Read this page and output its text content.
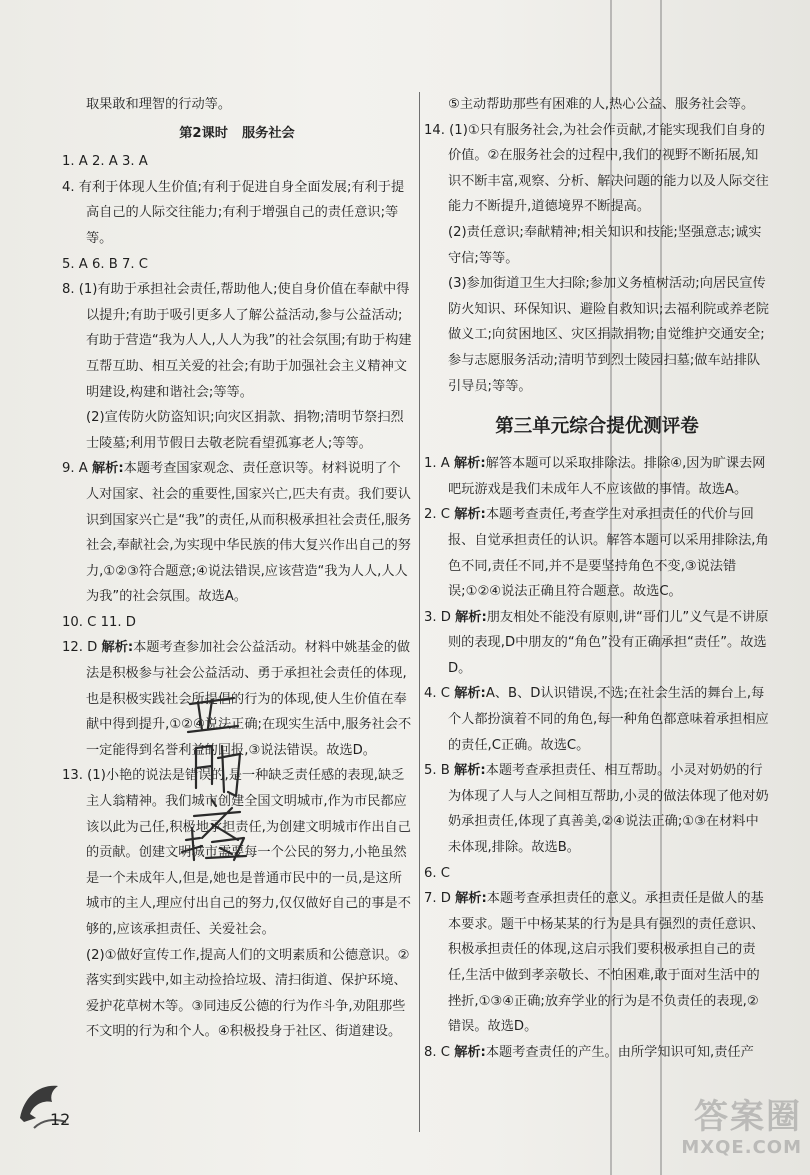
取果敢和理智的行动等。

第2课时 服务社会

1. A 2. A 3. A

4. 有利于体现人生价值;有利于促进自身全面发展;有利于提高自己的人际交往能力;有利于增强自己的责任意识;等等。

5. A 6. B 7. C

8. (1)有助于承担社会责任,帮助他人;使自身价值在奉献中得以提升;有助于吸引更多人了解公益活动,参与公益活动;有助于营造“我为人人,人人为我”的社会氛围;有助于构建互帮互助、相互关爱的社会;有助于加强社会主义精神文明建设,构建和谐社会;等等。

(2)宣传防火防盗知识;向灾区捐款、捐物;清明节祭扫烈士陵墓;利用节假日去敬老院看望孤寡老人;等等。

9. A 解析:本题考查国家观念、责任意识等。材料说明了个人对国家、社会的重要性,国家兴亡,匹夫有责。我们要认识到国家兴亡是“我”的责任,从而积极承担社会责任,服务社会,奉献社会,为实现中华民族的伟大复兴作出自己的努力,①②③符合题意;④说法错误,应该营造“我为人人,人人为我”的社会氛围。故选A。

10. C 11. D

12. D 解析:本题考查参加社会公益活动。材料中姚基金的做法是积极参与社会公益活动、勇于承担社会责任的体现,也是积极实践社会所提倡的行为的体现,使人生价值在奉献中得到提升,①②④说法正确;在现实生活中,服务社会不一定能得到名誉利益的回报,③说法错误。故选D。

13. (1)小艳的说法是错误的,是一种缺乏责任感的表现,缺乏主人翁精神。我们城市创建全国文明城市,作为市民都应该以此为己任,积极地承担责任,为创建文明城市作出自己的贡献。创建文明城市需要每一个公民的努力,小艳虽然是一个未成年人,但是,她也是普通市民中的一员,是这所城市的主人,理应付出自己的努力,仅仅做好自己的事是不够的,应该承担责任、关爱社会。

(2)①做好宣传工作,提高人们的文明素质和公德意识。②落实到实践中,如主动捡拾垃圾、清扫街道、保护环境、爱护花草树木等。③同违反公德的行为作斗争,劝阻那些不文明的行为和个人。④积极投身于社区、街道建设。

⑤主动帮助那些有困难的人,热心公益、服务社会等。

14. (1)①只有服务社会,为社会作贡献,才能实现我们自身的价值。②在服务社会的过程中,我们的视野不断拓展,知识不断丰富,观察、分析、解决问题的能力以及人际交往能力不断提升,道德境界不断提高。

(2)责任意识;奉献精神;相关知识和技能;坚强意志;诚实守信;等等。

(3)参加街道卫生大扫除;参加义务植树活动;向居民宣传防火知识、环保知识、避险自救知识;去福利院或养老院做义工;向贫困地区、灾区捐款捐物;自觉维护交通安全;参与志愿服务活动;清明节到烈士陵园扫墓;做车站排队引导员;等等。

第三单元综合提优测评卷

1. A 解析:解答本题可以采取排除法。排除④,因为旷课去网吧玩游戏是我们未成年人不应该做的事情。故选A。

2. C 解析:本题考查责任,考查学生对承担责任的代价与回报、自觉承担责任的认识。解答本题可以采用排除法,角色不同,责任不同,并不是要坚持角色不变,③说法错误;①②④说法正确且符合题意。故选C。

3. D 解析:朋友相处不能没有原则,讲“哥们儿”义气是不讲原则的表现,D中朋友的“角色”没有正确承担“责任”。故选D。

4. C 解析:A、B、D认识错误,不选;在社会生活的舞台上,每个人都扮演着不同的角色,每一种角色都意味着承担相应的责任,C正确。故选C。

5. B 解析:本题考查承担责任、相互帮助。小灵对奶奶的行为体现了人与人之间相互帮助,小灵的做法体现了他对奶奶承担责任,体现了真善美,②④说法正确;①③在材料中未体现,排除。故选B。

6. C

7. D 解析:本题考查承担责任的意义。承担责任是做人的基本要求。题干中杨某某的行为是具有强烈的责任意识、积极承担责任的体现,这启示我们要积极承担自己的责任,生活中做到孝亲敬长、不怕困难,敢于面对生活中的挫折,①③④正确;放弃学业的行为是不负责任的表现,②错误。故选D。

8. C 解析:本题考查责任的产生。由所学知识可知,责任产

12	答案圈
MXQE.COM
